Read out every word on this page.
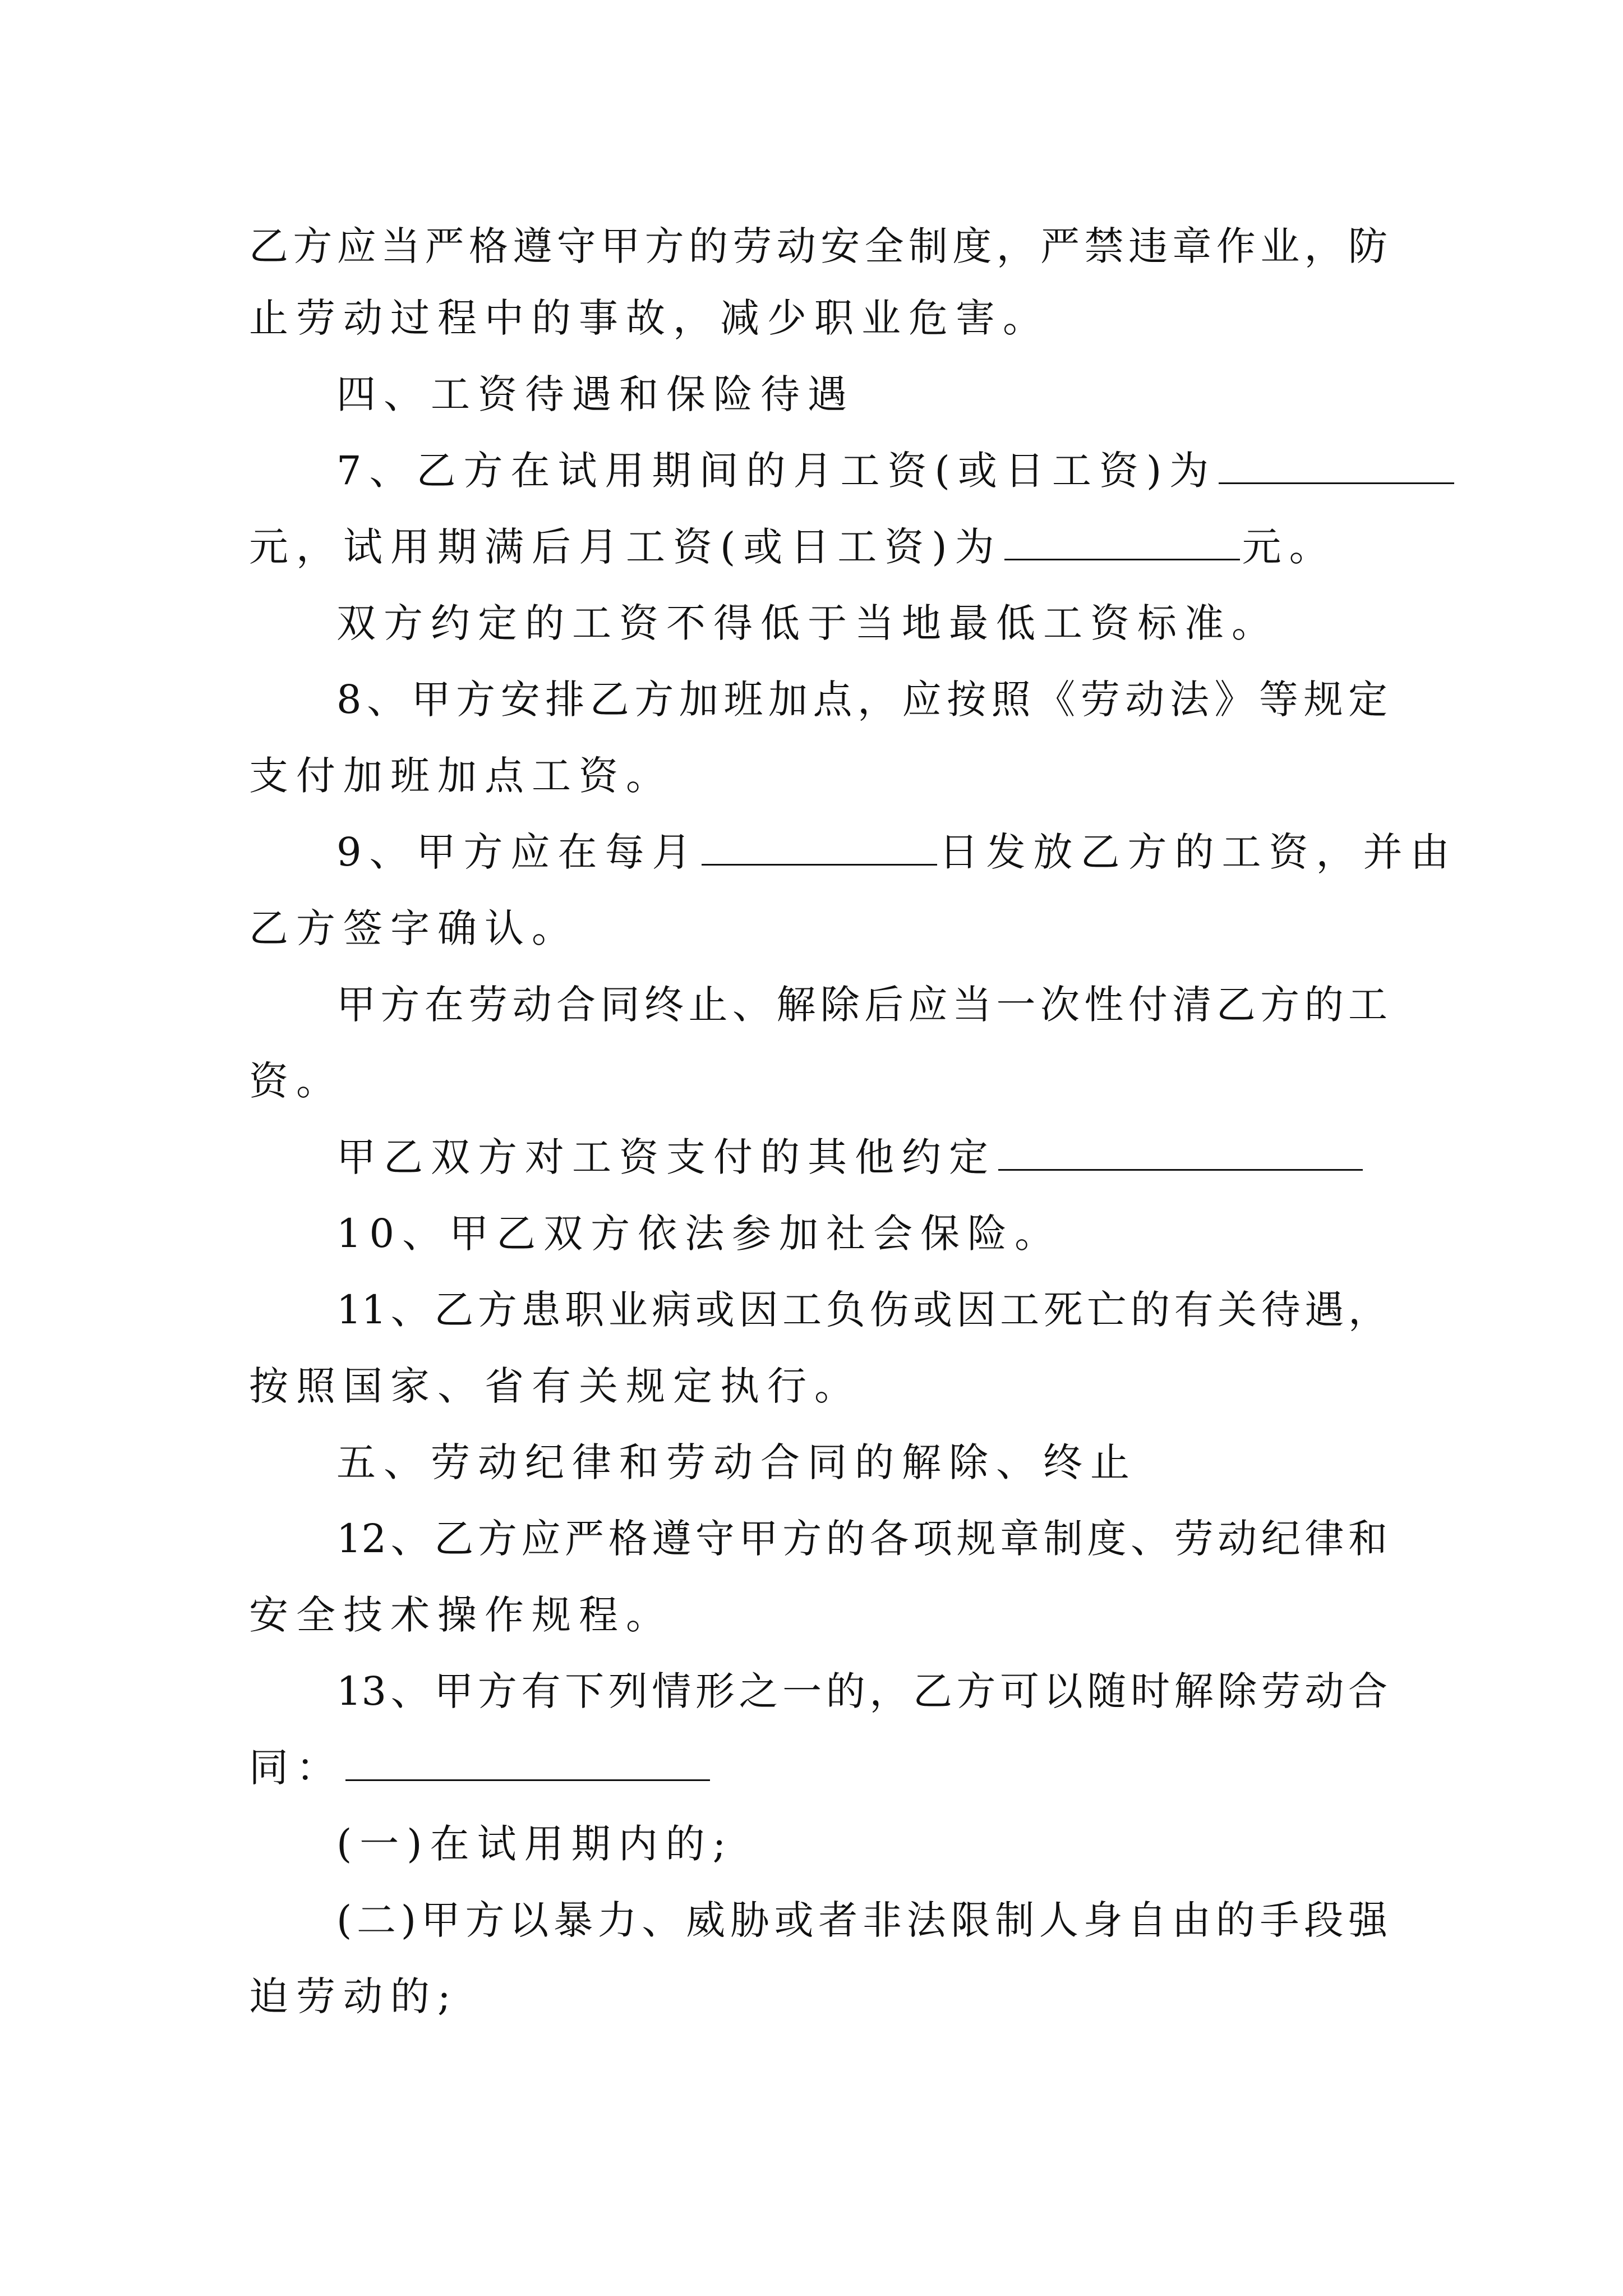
乙方应当严格遵守甲方的劳动安全制度，严禁违章作业，防
止劳动过程中的事故，减少职业危害。
四、工资待遇和保险待遇
7、乙方在试用期间的月工资(或日工资)为
元，试用期满后月工资(或日工资)为	元。
双方约定的工资不得低于当地最低工资标准。
8、甲方安排乙方加班加点，应按照《劳动法》等规定
支付加班加点工资。
9、甲方应在每月	日发放乙方的工资，并由
乙方签字确认。
甲方在劳动合同终止、解除后应当一次性付清乙方的工
资。
甲乙双方对工资支付的其他约定
10、甲乙双方依法参加社会保险。
11、乙方患职业病或因工负伤或因工死亡的有关待遇，
按照国家、省有关规定执行。
五、劳动纪律和劳动合同的解除、终止
12、乙方应严格遵守甲方的各项规章制度、劳动纪律和
安全技术操作规程。
13、甲方有下列情形之一的，乙方可以随时解除劳动合
同：
(一)在试用期内的;
(二)甲方以暴力、威胁或者非法限制人身自由的手段强
迫劳动的;
